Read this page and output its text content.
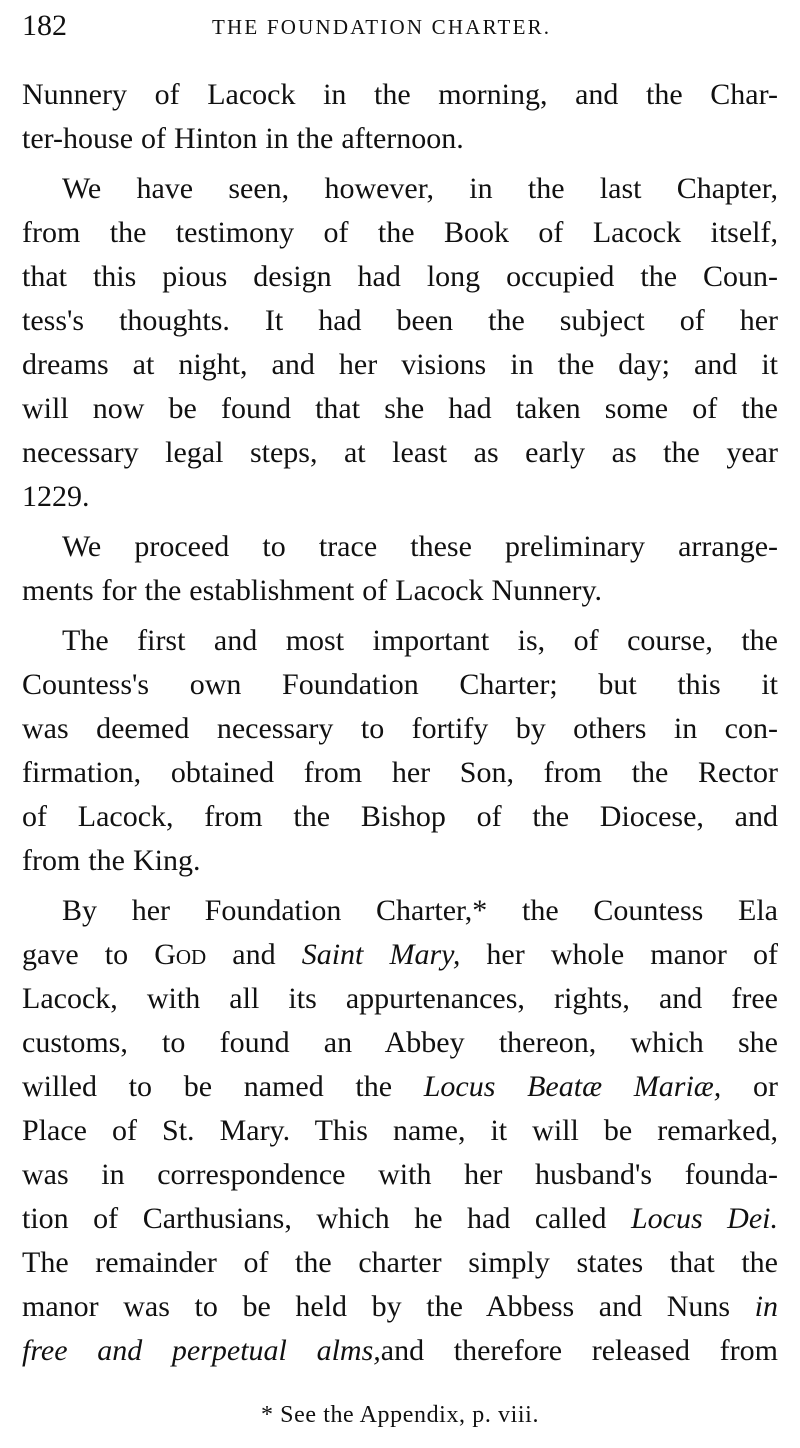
182	THE FOUNDATION CHARTER.

Nunnery of Lacock in the morning, and the Char-
ter-house of Hinton in the afternoon.

We have seen, however, in the last Chapter,
from the testimony of the Book of Lacock itself,
that this pious design had long occupied the Coun-
tess's thoughts. It had been the subject of her
dreams at night, and her visions in the day; and it
will now be found that she had taken some of the
necessary legal steps, at least as early as the year
1229.

We proceed to trace these preliminary arrange-
ments for the establishment of Lacock Nunnery.

The first and most important is, of course, the
Countess's own Foundation Charter; but this it
was deemed necessary to fortify by others in con-
firmation, obtained from her Son, from the Rector
of Lacock, from the Bishop of the Diocese, and
from the King.

By her Foundation Charter,* the Countess Ela
gave to God and Saint Mary, her whole manor of
Lacock, with all its appurtenances, rights, and free
customs, to found an Abbey thereon, which she
willed to be named the Locus Beatæ Mariæ, or
Place of St. Mary. This name, it will be remarked,
was in correspondence with her husband's founda-
tion of Carthusians, which he had called Locus Dei.
The remainder of the charter simply states that the
manor was to be held by the Abbess and Nuns in
free and perpetual alms,and therefore released from

* See the Appendix, p. viii.
